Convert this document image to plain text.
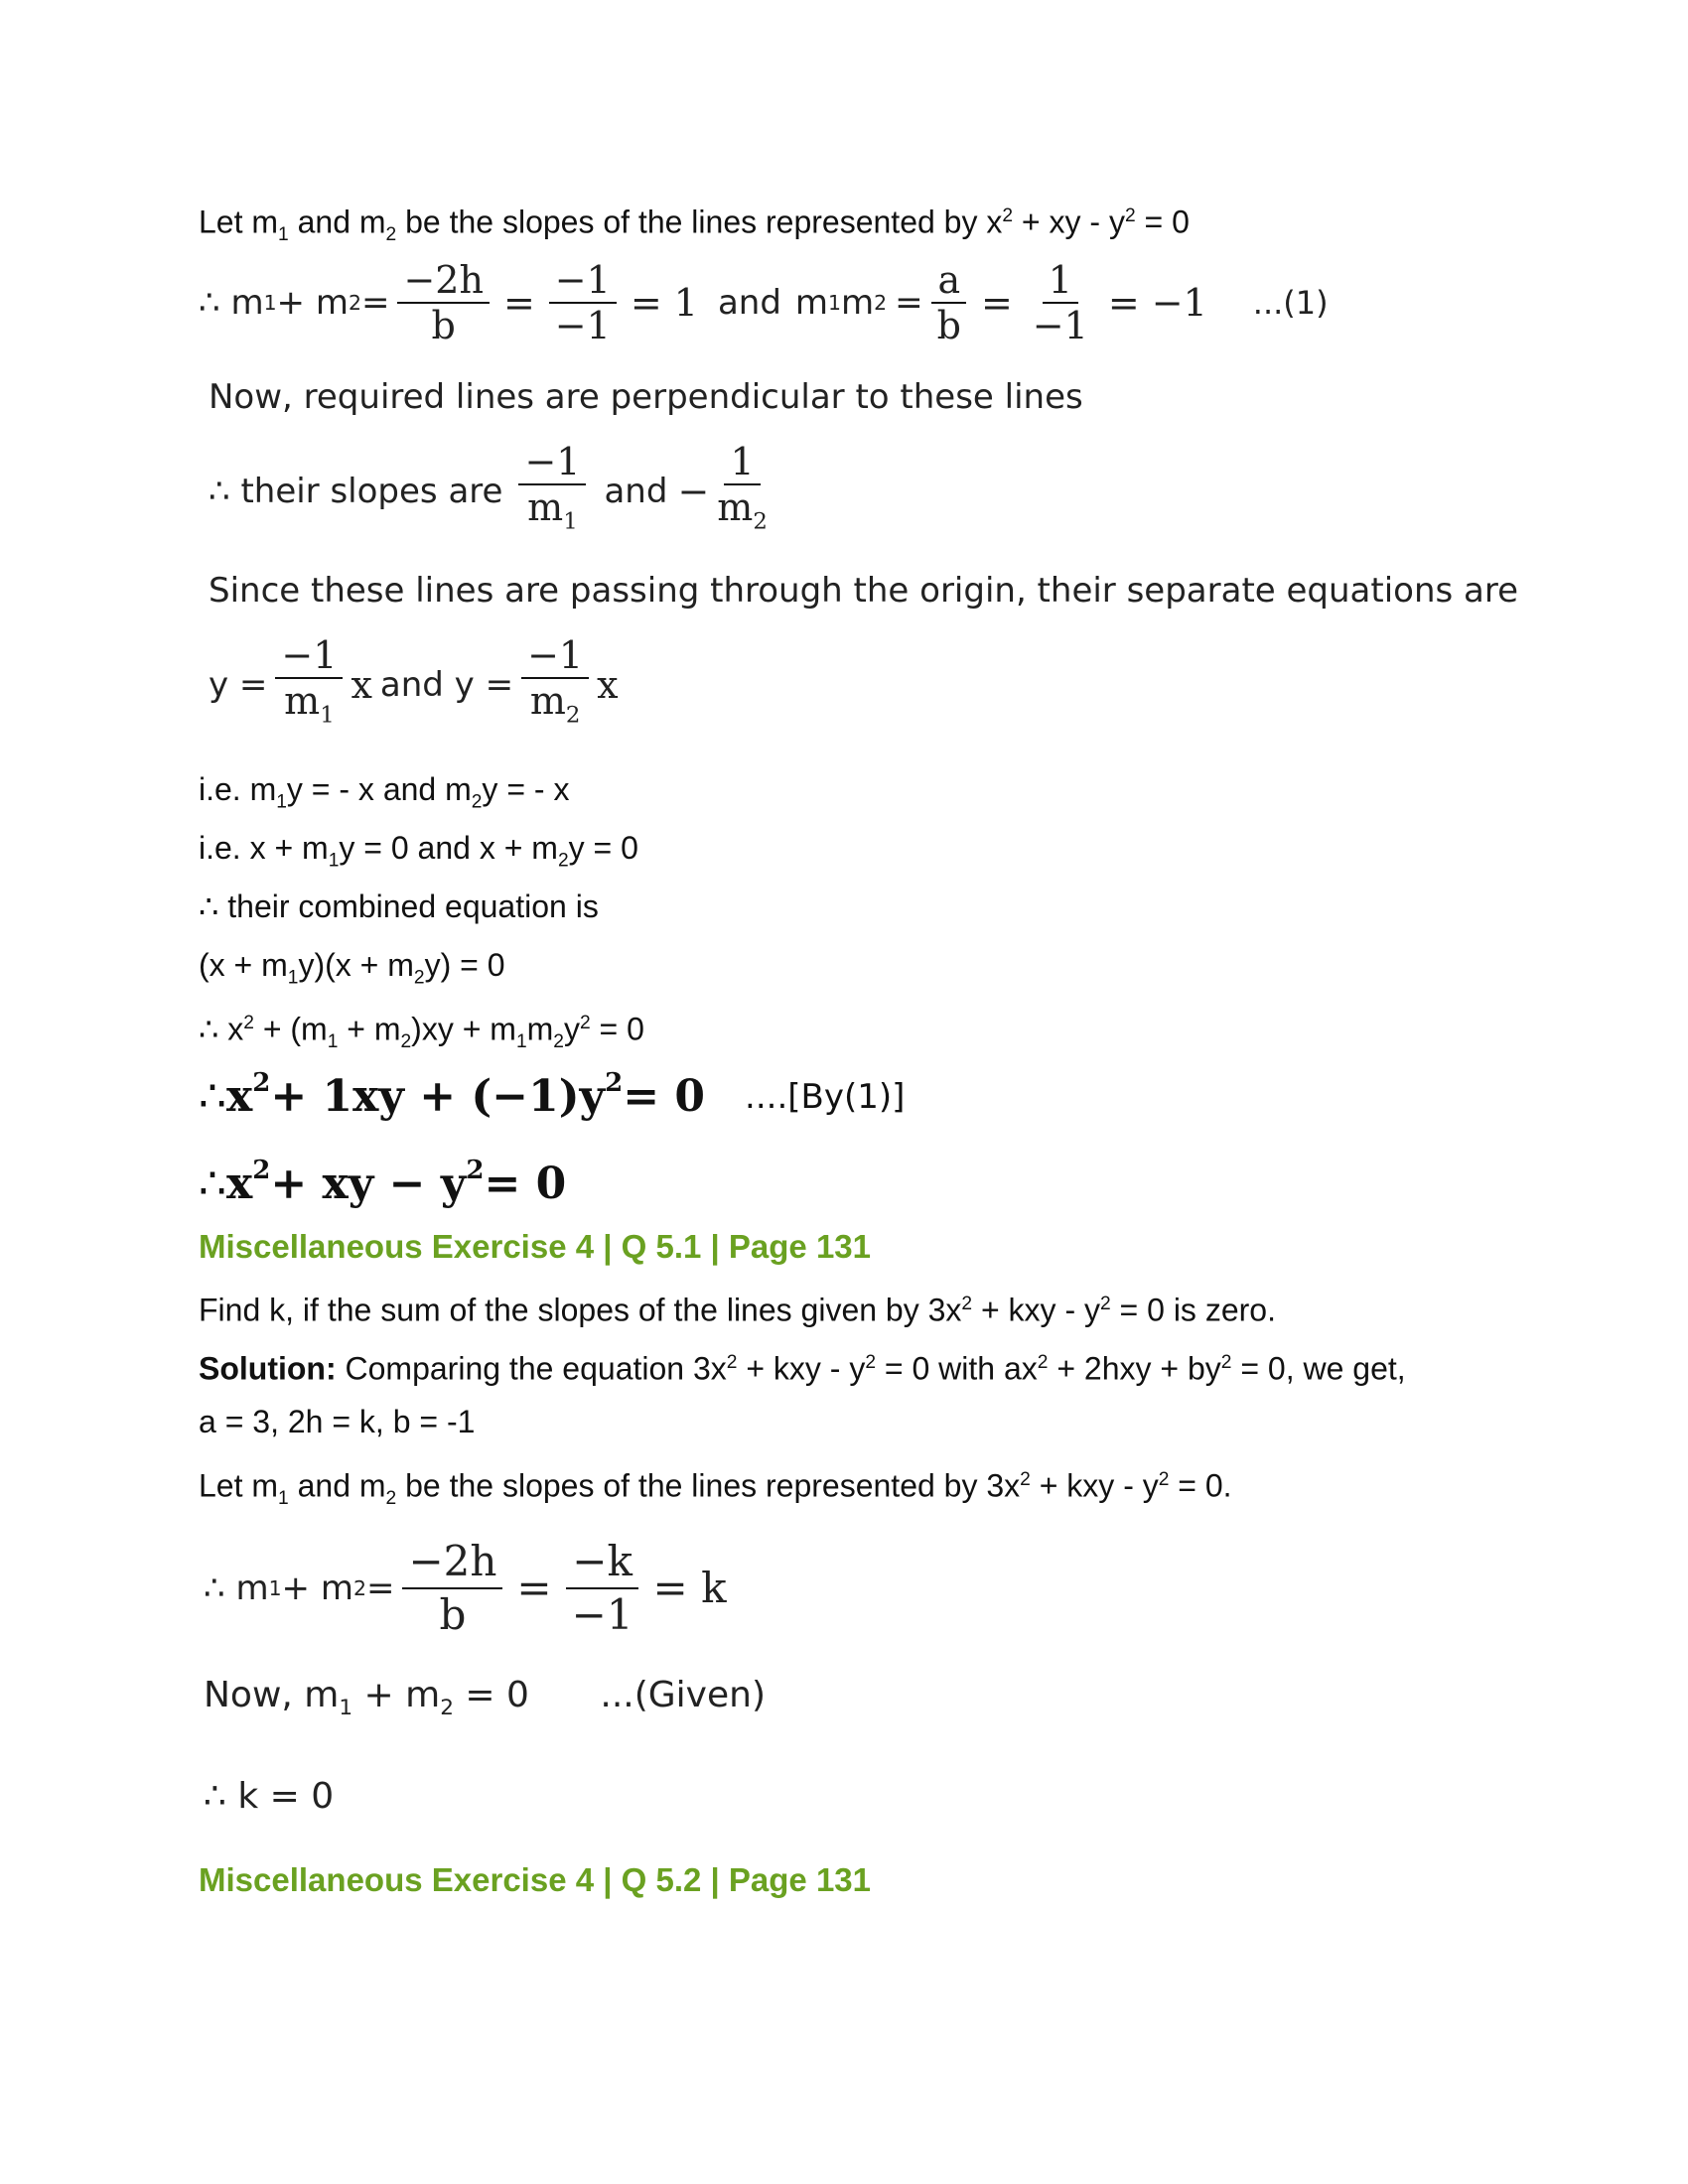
Let $m_1$ and $m_2$ be the slopes of the lines represented by $x^2$ + xy - $y^2 = 0$
∴ m 1 + m $2 = \frac{-2h}{b} = \frac{-1}{-1} = 1$ and m 1 m $2 = \frac{a}{b} = \frac{1}{-1} = -1$ ...(1)
Now, required lines are perpendicular to these lines
∴ their slopes are $\frac{-1}{m_1}$ and − $\frac{1}{m_2}$
Since these lines are passing through the origin, their separate equations are
$y = \frac{-1}{m_1}$ x and $y = \frac{-1}{m_2}$ x
i.e. $m_1y$ = - x and $m_2y$ = - x
i.e. $x + m_1y = 0$ and $x + m_2y = 0$
∴ their combined equation is
$(x + m_1y)(x + m_2y) = 0$
∴ $x^2 + (m_1 + m_2)xy + m_1m_2y^2 = 0$
∴ $x^2 + 1xy + (-1)y^2 = 0$ ....[By(1)]
∴ $x^2$ + xy − $y^2 = 0$
Miscellaneous Exercise 4 | Q 5.1 | Page 131
Find k, if the sum of the slopes of the lines given by $3x^2$ + kxy - $y^2 = 0$ is zero.
Solution: Comparing the equation $3x^2$ + kxy - $y^2 = 0$ with $ax^2 + 2hxy + by^2 = 0$, we get,
a = 3, 2h = k, b = -1
Let $m_1$ and $m_2$ be the slopes of the lines represented by $3x^2$ + kxy - $y^2 = 0$.
∴ m 1 + m $2 = \frac{-2h}{b} = \frac{-k}{-1} = k$
Now, $m_1 + m_2 = 0$ ...(Given)
∴ k = 0
Miscellaneous Exercise 4 | Q 5.2 | Page 131
